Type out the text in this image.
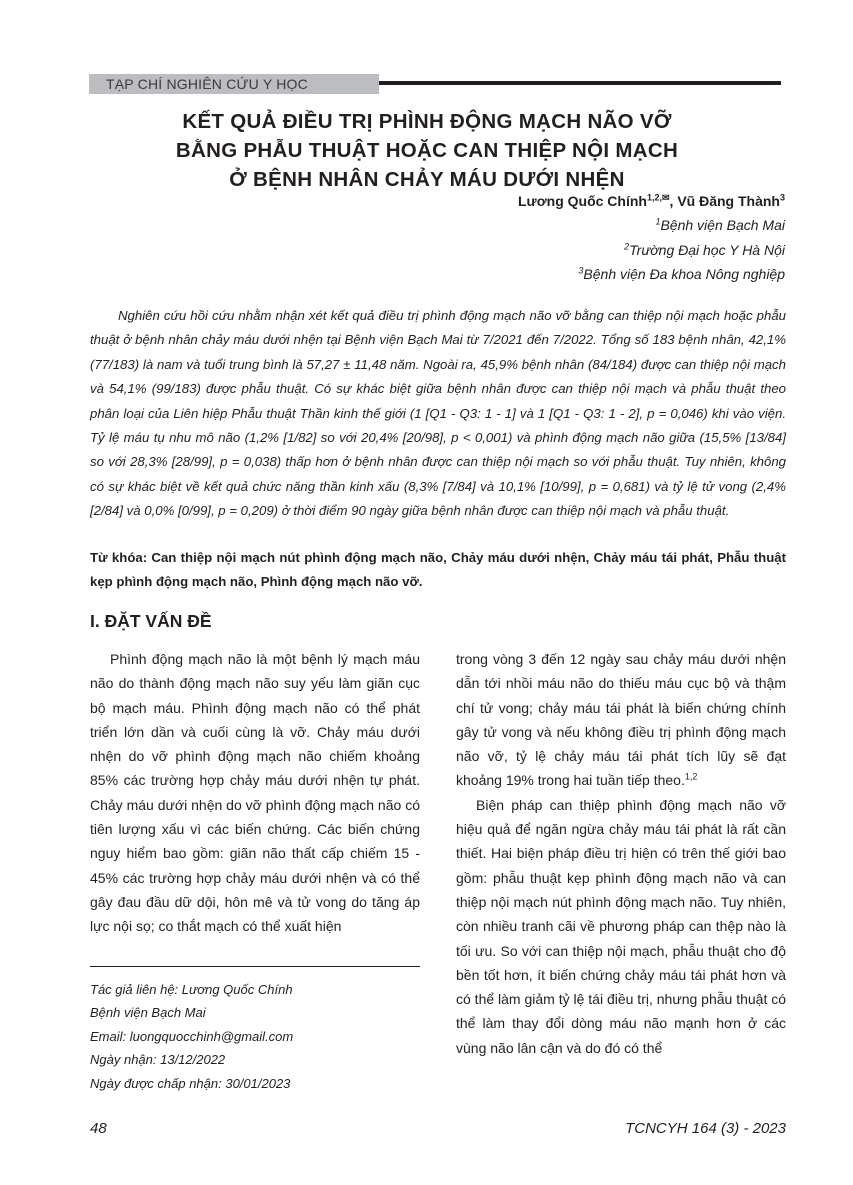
TẠP CHÍ NGHIÊN CỨU Y HỌC
KẾT QUẢ ĐIỀU TRỊ PHÌNH ĐỘNG MẠCH NÃO VỠ
BẰNG PHẪU THUẬT HOẶC CAN THIỆP NỘI MẠCH
Ở BỆNH NHÂN CHẢY MÁU DƯỚI NHỆN
Lương Quốc Chính$^{1,2,✉}$, Vũ Đăng Thành$^3$
$^1$Bệnh viện Bạch Mai
$^2$Trường Đại học Y Hà Nội
$^3$Bệnh viện Đa khoa Nông nghiệp
Nghiên cứu hồi cứu nhằm nhận xét kết quả điều trị phình động mạch não vỡ bằng can thiệp nội mạch hoặc phẫu thuật ở bệnh nhân chảy máu dưới nhện tại Bệnh viện Bạch Mai từ 7/2021 đến 7/2022. Tổng số 183 bệnh nhân, 42,1% (77/183) là nam và tuổi trung bình là 57,27 ± 11,48 năm. Ngoài ra, 45,9% bệnh nhân (84/184) được can thiệp nội mạch và 54,1% (99/183) được phẫu thuật. Có sự khác biệt giữa bệnh nhân được can thiệp nội mạch và phẫu thuật theo phân loại của Liên hiệp Phẫu thuật Thần kinh thế giới (1 [Q1 - Q3: 1 - 1] và 1 [Q1 - Q3: 1 - 2], p = 0,046) khi vào viện. Tỷ lệ máu tụ nhu mô não (1,2% [1/82] so với 20,4% [20/98], p < 0,001) và phình động mạch não giữa (15,5% [13/84] so với 28,3% [28/99], p = 0,038) thấp hơn ở bệnh nhân được can thiệp nội mạch so với phẫu thuật. Tuy nhiên, không có sự khác biệt về kết quả chức năng thần kinh xấu (8,3% [7/84] và 10,1% [10/99], p = 0,681) và tỷ lệ tử vong (2,4% [2/84] và 0,0% [0/99], p = 0,209) ở thời điểm 90 ngày giữa bệnh nhân được can thiệp nội mạch và phẫu thuật.
Từ khóa: Can thiệp nội mạch nút phình động mạch não, Chảy máu dưới nhện, Chảy máu tái phát, Phẫu thuật kẹp phình động mạch não, Phình động mạch não vỡ.
I. ĐẶT VẤN ĐỀ

Phình động mạch não là một bệnh lý mạch máu não do thành động mạch não suy yếu làm giãn cục bộ mạch máu. Phình động mạch não có thể phát triển lớn dần và cuối cùng là vỡ. Chảy máu dưới nhện do vỡ phình động mạch não chiếm khoảng 85% các trường hợp chảy máu dưới nhện tự phát. Chảy máu dưới nhện do vỡ phình động mạch não có tiên lượng xấu vì các biến chứng. Các biến chứng nguy hiểm bao gồm: giãn não thất cấp chiếm 15 - 45% các trường hợp chảy máu dưới nhện và có thể gây đau đầu dữ dội, hôn mê và tử vong do tăng áp lực nội sọ; co thắt mạch có thể xuất hiện

trong vòng 3 đến 12 ngày sau chảy máu dưới nhện dẫn tới nhồi máu não do thiếu máu cục bộ và thậm chí tử vong; chảy máu tái phát là biến chứng chính gây tử vong và nếu không điều trị phình động mạch não vỡ, tỷ lệ chảy máu tái phát tích lũy sẽ đạt khoảng 19% trong hai tuần tiếp theo.$^{1,2}$

Biện pháp can thiệp phình động mạch não vỡ hiệu quả để ngăn ngừa chảy máu tái phát là rất cần thiết. Hai biện pháp điều trị hiện có trên thế giới bao gồm: phẫu thuật kẹp phình động mạch não và can thiệp nội mạch nút phình động mạch não. Tuy nhiên, còn nhiều tranh cãi về phương pháp can thệp nào là tối ưu. So với can thiệp nội mạch, phẫu thuật cho độ bền tốt hơn, ít biến chứng chảy máu tái phát hơn và có thể làm giảm tỷ lệ tái điều trị, nhưng phẫu thuật có thể làm thay đổi dòng máu não mạnh hơn ở các vùng não lân cận và do đó có thể

Tác giả liên hệ: Lương Quốc Chính
Bệnh viện Bạch Mai
Email: luongquocchinh@gmail.com
Ngày nhận: 13/12/2022
Ngày được chấp nhận: 30/01/2023
48	TCNCYH 164 (3) - 2023
